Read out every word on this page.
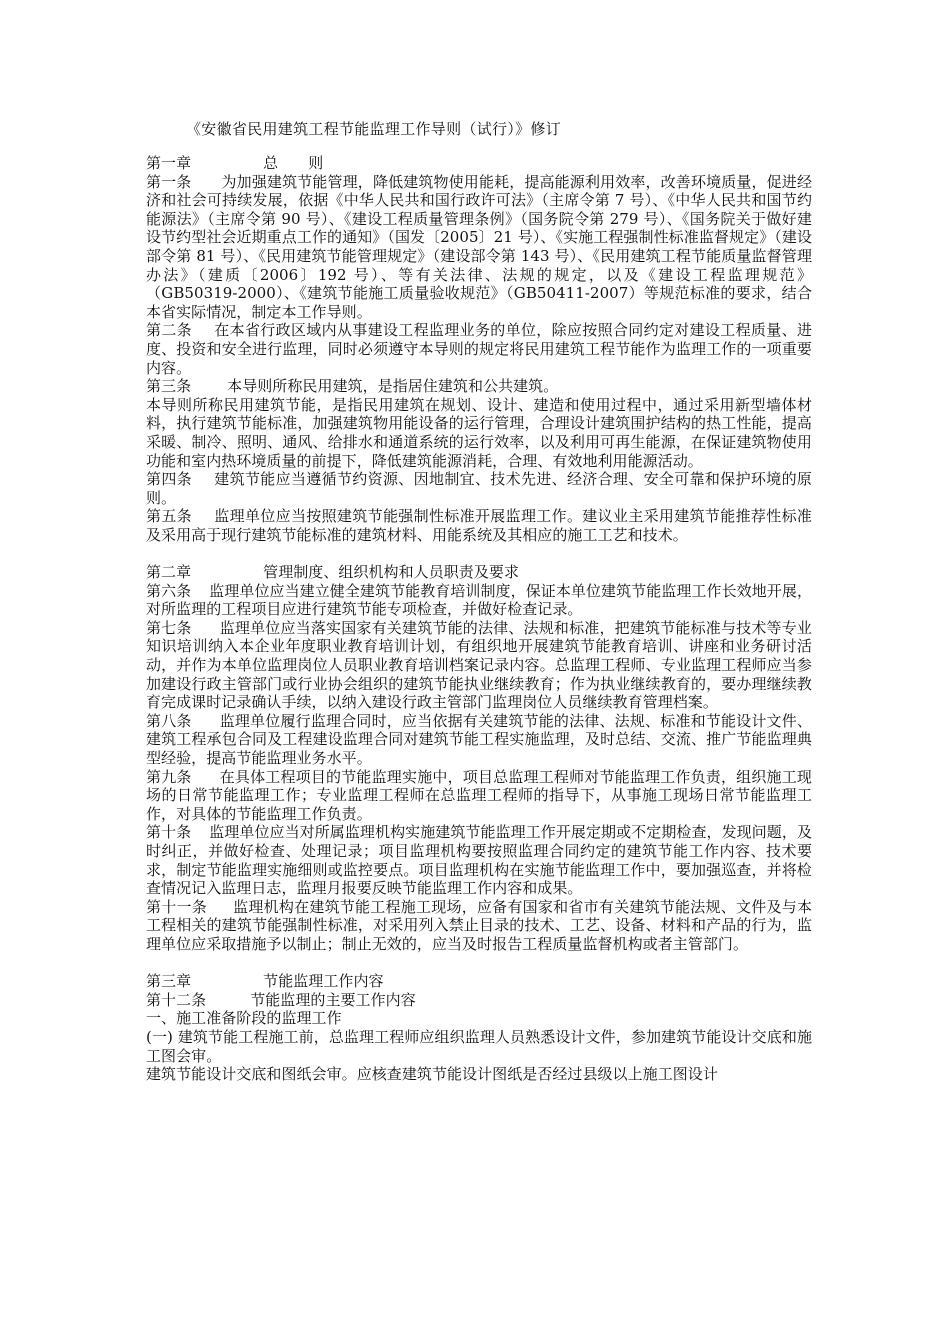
《安徽省民用建筑工程节能监理工作导则（试行）》修订

第一章	总　　则

第一条 为加强建筑节能管理，降低建筑物使用能耗，提高能源利用效率，改善环境质量，促进经济和社会可持续发展，依据《中华人民共和国行政许可法》（主席令第 7 号）、《中华人民共和国节约能源法》（主席令第 90 号）、《建设工程质量管理条例》（国务院令第 279 号）、《国务院关于做好建设节约型社会近期重点工作的通知》（国发〔2005〕21 号）、《实施工程强制性标准监督规定》（建设部令第 81 号）、《民用建筑节能管理规定》（建设部令第 143 号）、《民用建筑工程节能质量监督管理办法》（建质〔2006〕192 号）、等有关法律、法规的规定，以及《建设工程监理规范》（GB50319-2000）、《建筑节能施工质量验收规范》（GB50411-2007）等规范标准的要求，结合本省实际情况，制定本工作导则。

第二条 在本省行政区域内从事建设工程监理业务的单位，除应按照合同约定对建设工程质量、进度、投资和安全进行监理，同时必须遵守本导则的规定将民用建筑工程节能作为监理工作的一项重要内容。

第三条 本导则所称民用建筑，是指居住建筑和公共建筑。

本导则所称民用建筑节能，是指民用建筑在规划、设计、建造和使用过程中，通过采用新型墙体材料，执行建筑节能标准，加强建筑物用能设备的运行管理，合理设计建筑围护结构的热工性能，提高采暖、制冷、照明、通风、给排水和通道系统的运行效率，以及利用可再生能源，在保证建筑物使用功能和室内热环境质量的前提下，降低建筑能源消耗，合理、有效地利用能源活动。

第四条 建筑节能应当遵循节约资源、因地制宜、技术先进、经济合理、安全可靠和保护环境的原则。

第五条 监理单位应当按照建筑节能强制性标准开展监理工作。建议业主采用建筑节能推荐性标准及采用高于现行建筑节能标准的建筑材料、用能系统及其相应的施工工艺和技术。

第二章	管理制度、组织机构和人员职责及要求

第六条 监理单位应当建立健全建筑节能教育培训制度，保证本单位建筑节能监理工作长效地开展，对所监理的工程项目应进行建筑节能专项检查，并做好检查记录。

第七条 监理单位应当落实国家有关建筑节能的法律、法规和标准，把建筑节能标准与技术等专业知识培训纳入本企业年度职业教育培训计划，有组织地开展建筑节能教育培训、讲座和业务研讨活动，并作为本单位监理岗位人员职业教育培训档案记录内容。总监理工程师、专业监理工程师应当参加建设行政主管部门或行业协会组织的建筑节能执业继续教育；作为执业继续教育的，要办理继续教育完成课时记录确认手续，以纳入建设行政主管部门监理岗位人员继续教育管理档案。

第八条 监理单位履行监理合同时，应当依据有关建筑节能的法律、法规、标准和节能设计文件、建筑工程承包合同及工程建设监理合同对建筑节能工程实施监理，及时总结、交流、推广节能监理典型经验，提高节能监理业务水平。

第九条 在具体工程项目的节能监理实施中，项目总监理工程师对节能监理工作负责，组织施工现场的日常节能监理工作；专业监理工程师在总监理工程师的指导下，从事施工现场日常节能监理工作，对具体的节能监理工作负责。

第十条 监理单位应当对所属监理机构实施建筑节能监理工作开展定期或不定期检查，发现问题，及时纠正，并做好检查、处理记录；项目监理机构要按照监理合同约定的建筑节能工作内容、技术要求，制定节能监理实施细则或监控要点。项目监理机构在实施节能监理工作中，要加强巡查，并将检查情况记入监理日志，监理月报要反映节能监理工作内容和成果。

第十一条 监理机构在建筑节能工程施工现场，应备有国家和省市有关建筑节能法规、文件及与本工程相关的建筑节能强制性标准，对采用列入禁止目录的技术、工艺、设备、材料和产品的行为，监理单位应采取措施予以制止；制止无效的，应当及时报告工程质量监督机构或者主管部门。

第三章	节能监理工作内容

第十二条	节能监理的主要工作内容

一、施工准备阶段的监理工作

(一) 建筑节能工程施工前，总监理工程师应组织监理人员熟悉设计文件，参加建筑节能设计交底和施工图会审。

建筑节能设计交底和图纸会审。应核查建筑节能设计图纸是否经过县级以上施工图设计
